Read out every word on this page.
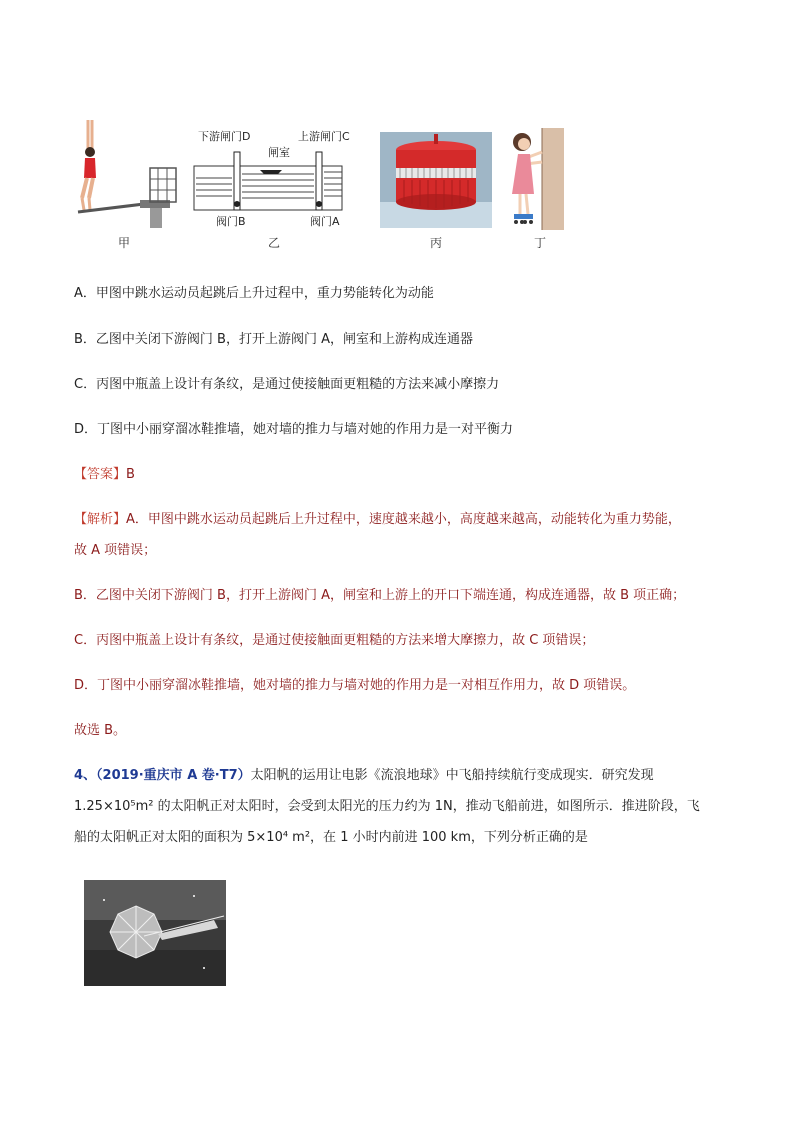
甲
下游闸门D	上游闸门C
闸室
阀门B	阀门A
乙	丙	丁
A．甲图中跳水运动员起跳后上升过程中，重力势能转化为动能
B．乙图中关闭下游阀门 B，打开上游阀门 A，闸室和上游构成连通器
C．丙图中瓶盖上设计有条纹，是通过使接触面更粗糙的方法来减小摩擦力
D．丁图中小丽穿溜冰鞋推墙，她对墙的推力与墙对她的作用力是一对平衡力
【答案】B
【解析】A．甲图中跳水运动员起跳后上升过程中，速度越来越小，高度越来越高，动能转化为重力势能，
故 A 项错误；
B．乙图中关闭下游阀门 B，打开上游阀门 A，闸室和上游上的开口下端连通，构成连通器，故 B 项正确；
C．丙图中瓶盖上设计有条纹，是通过使接触面更粗糙的方法来增大摩擦力，故 C 项错误；
D．丁图中小丽穿溜冰鞋推墙，她对墙的推力与墙对她的作用力是一对相互作用力，故 D 项错误。
故选 B。
4、（2019·重庆市 A 卷·T7）太阳帆的运用让电影《流浪地球》中飞船持续航行变成现实．研究发现
1.25×10⁵m² 的太阳帆正对太阳时，会受到太阳光的压力约为 1N，推动飞船前进，如图所示．推进阶段，飞
船的太阳帆正对太阳的面积为 5×10⁴ m²，在 1 小时内前进 100 km，下列分析正确的是
